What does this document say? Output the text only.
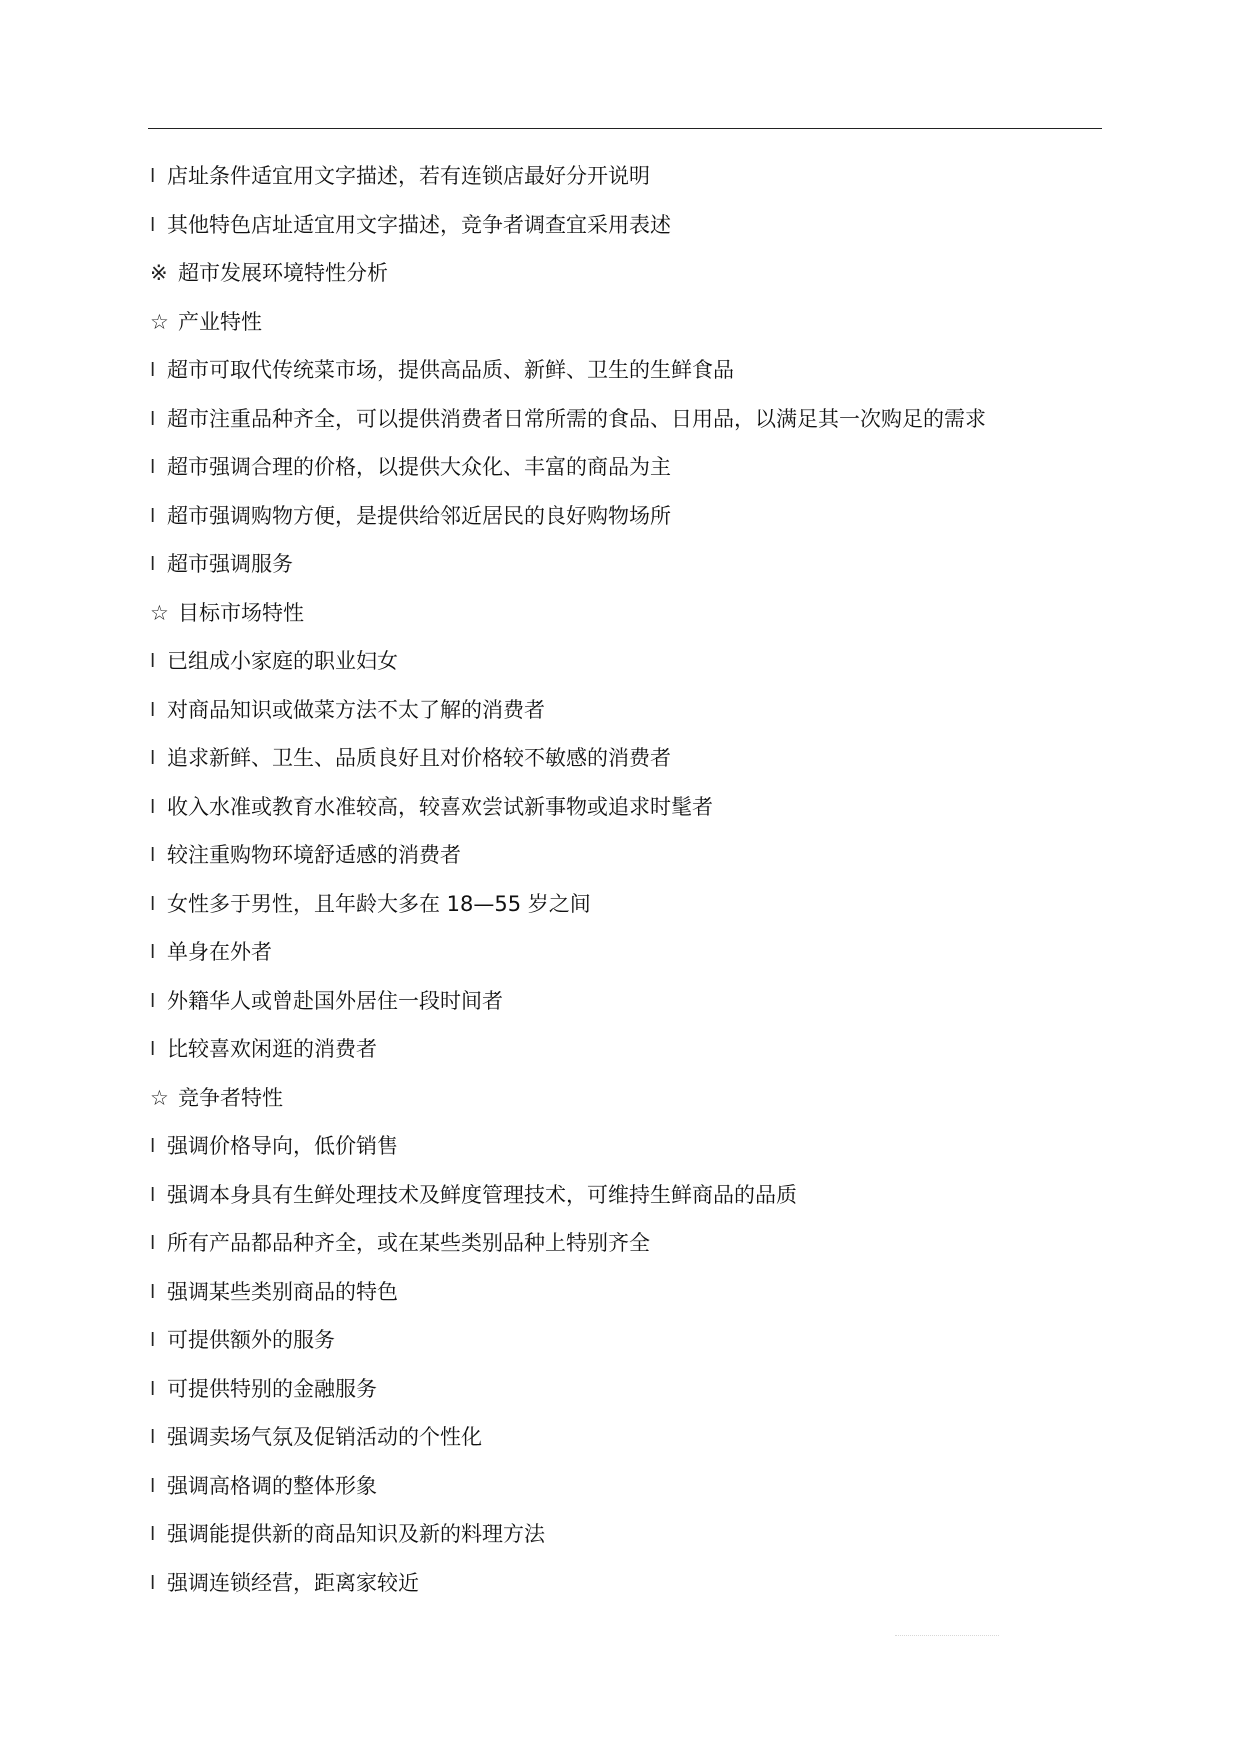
l 店址条件适宜用文字描述，若有连锁店最好分开说明
l 其他特色店址适宜用文字描述，竞争者调查宜采用表述
※ 超市发展环境特性分析
☆ 产业特性
l 超市可取代传统菜市场，提供高品质、新鲜、卫生的生鲜食品
l 超市注重品种齐全，可以提供消费者日常所需的食品、日用品，以满足其一次购足的需求
l 超市强调合理的价格，以提供大众化、丰富的商品为主
l 超市强调购物方便，是提供给邻近居民的良好购物场所
l 超市强调服务
☆ 目标市场特性
l 已组成小家庭的职业妇女
l 对商品知识或做菜方法不太了解的消费者
l 追求新鲜、卫生、品质良好且对价格较不敏感的消费者
l 收入水准或教育水准较高，较喜欢尝试新事物或追求时髦者
l 较注重购物环境舒适感的消费者
l 女性多于男性，且年龄大多在 18—55 岁之间
l 单身在外者
l 外籍华人或曾赴国外居住一段时间者
l 比较喜欢闲逛的消费者
☆ 竞争者特性
l 强调价格导向，低价销售
l 强调本身具有生鲜处理技术及鲜度管理技术，可维持生鲜商品的品质
l 所有产品都品种齐全，或在某些类别品种上特别齐全
l 强调某些类别商品的特色
l 可提供额外的服务
l 可提供特别的金融服务
l 强调卖场气氛及促销活动的个性化
l 强调高格调的整体形象
l 强调能提供新的商品知识及新的料理方法
l 强调连锁经营，距离家较近
